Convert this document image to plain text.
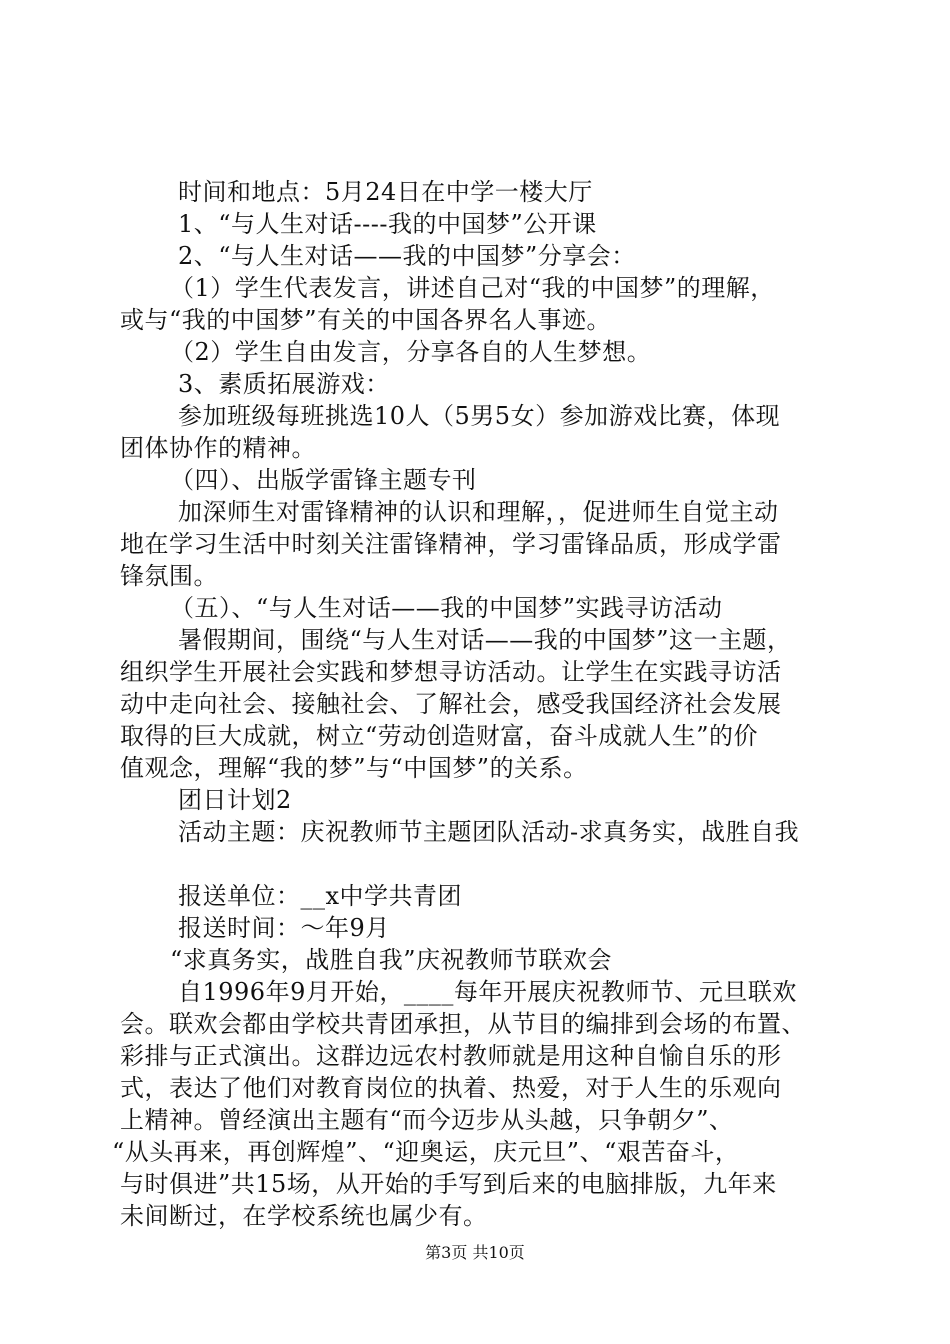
时间和地点：5月24日在中学一楼大厅
1、“与人生对话----我的中国梦”公开课
2、“与人生对话——我的中国梦”分享会：
（1）学生代表发言，讲述自己对“我的中国梦”的理解，
或与“我的中国梦”有关的中国各界名人事迹。
（2）学生自由发言，分享各自的人生梦想。
3、素质拓展游戏：
参加班级每班挑选10人（5男5女）参加游戏比赛，体现
团体协作的精神。
（四）、出版学雷锋主题专刊
加深师生对雷锋精神的认识和理解，，促进师生自觉主动
地在学习生活中时刻关注雷锋精神，学习雷锋品质，形成学雷
锋氛围。
（五）、“与人生对话——我的中国梦”实践寻访活动
暑假期间，围绕“与人生对话——我的中国梦”这一主题，
组织学生开展社会实践和梦想寻访活动。让学生在实践寻访活
动中走向社会、接触社会、了解社会，感受我国经济社会发展
取得的巨大成就，树立“劳动创造财富，奋斗成就人生”的价
值观念，理解“我的梦”与“中国梦”的关系。
团日计划2
活动主题：庆祝教师节主题团队活动-求真务实，战胜自我
报送单位：__x中学共青团
报送时间：～年9月
“求真务实，战胜自我”庆祝教师节联欢会
自1996年9月开始，____每年开展庆祝教师节、元旦联欢
会。联欢会都由学校共青团承担，从节目的编排到会场的布置、
彩排与正式演出。这群边远农村教师就是用这种自愉自乐的形
式，表达了他们对教育岗位的执着、热爱，对于人生的乐观向
上精神。曾经演出主题有“而今迈步从头越，只争朝夕”、
“从头再来，再创辉煌”、“迎奥运，庆元旦”、“艰苦奋斗，
与时俱进”共15场，从开始的手写到后来的电脑排版，九年来
未间断过，在学校系统也属少有。
第3页 共10页
